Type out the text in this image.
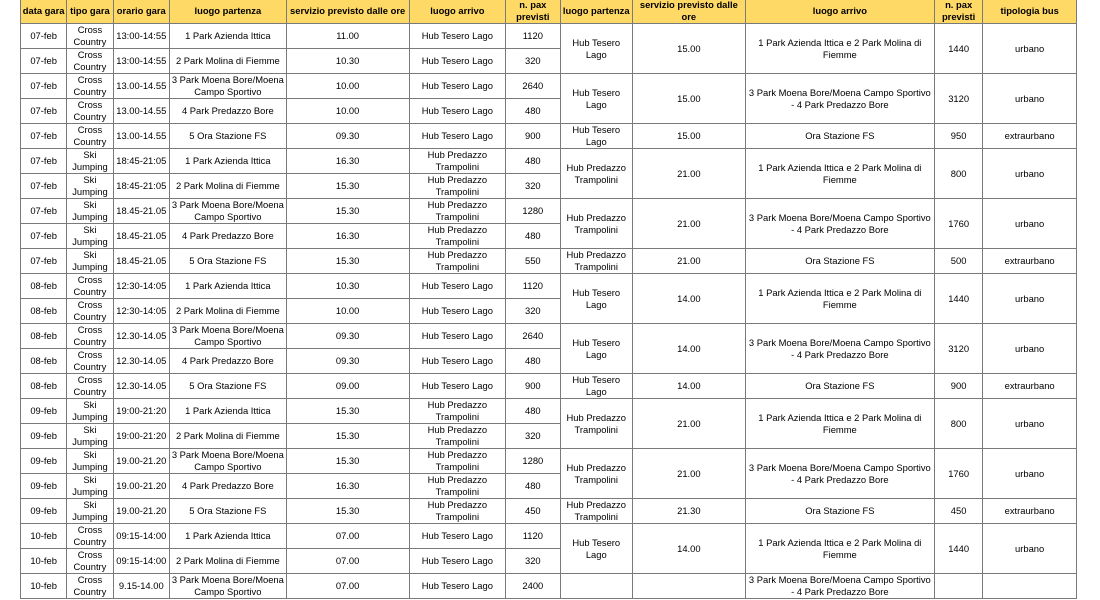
data gara	tipo gara	orario gara	luogo partenza	servizio previsto dalle ore	luogo arrivo	n. pax previsti	luogo partenza	servizio previsto dalle ore	luogo arrivo	n. pax previsti	tipologia bus
07-feb	Cross Country	13:00-14:55	1 Park Azienda Ittica	11.00	Hub Tesero Lago	1120	Hub Tesero Lago	15.00	1 Park Azienda Ittica e 2 Park Molina di Fiemme	1440	urbano
07-feb	Cross Country	13:00-14:55	2 Park Molina di Fiemme	10.30	Hub Tesero Lago	320					
07-feb	Cross Country	13.00-14.55	3 Park Moena Bore/Moena Campo Sportivo	10.00	Hub Tesero Lago	2640	Hub Tesero Lago	15.00	3 Park Moena Bore/Moena Campo Sportivo - 4 Park Predazzo Bore	3120	urbano
07-feb	Cross Country	13.00-14.55	4 Park Predazzo Bore	10.00	Hub Tesero Lago	480					
07-feb	Cross Country	13.00-14.55	5 Ora Stazione FS	09.30	Hub Tesero Lago	900	Hub Tesero Lago	15.00	Ora Stazione FS	950	extraurbano
07-feb	Ski Jumping	18:45-21:05	1 Park Azienda Ittica	16.30	Hub Predazzo Trampolini	480	Hub Predazzo Trampolini	21.00	1 Park Azienda Ittica e 2 Park Molina di Fiemme	800	urbano
07-feb	Ski Jumping	18:45-21:05	2 Park Molina di Fiemme	15.30	Hub Predazzo Trampolini	320					
07-feb	Ski Jumping	18.45-21.05	3 Park Moena Bore/Moena Campo Sportivo	15.30	Hub Predazzo Trampolini	1280	Hub Predazzo Trampolini	21.00	3 Park Moena Bore/Moena Campo Sportivo - 4 Park Predazzo Bore	1760	urbano
07-feb	Ski Jumping	18.45-21.05	4 Park Predazzo Bore	16.30	Hub Predazzo Trampolini	480					
07-feb	Ski Jumping	18.45-21.05	5 Ora Stazione FS	15.30	Hub Predazzo Trampolini	550	Hub Predazzo Trampolini	21.00	Ora Stazione FS	500	extraurbano
08-feb	Cross Country	12:30-14:05	1 Park Azienda Ittica	10.30	Hub Tesero Lago	1120	Hub Tesero Lago	14.00	1 Park Azienda Ittica e 2 Park Molina di Fiemme	1440	urbano
08-feb	Cross Country	12:30-14:05	2 Park Molina di Fiemme	10.00	Hub Tesero Lago	320					
08-feb	Cross Country	12.30-14.05	3 Park Moena Bore/Moena Campo Sportivo	09.30	Hub Tesero Lago	2640	Hub Tesero Lago	14.00	3 Park Moena Bore/Moena Campo Sportivo - 4 Park Predazzo Bore	3120	urbano
08-feb	Cross Country	12.30-14.05	4 Park Predazzo Bore	09.30	Hub Tesero Lago	480					
08-feb	Cross Country	12.30-14.05	5 Ora Stazione FS	09.00	Hub Tesero Lago	900	Hub Tesero Lago	14.00	Ora Stazione FS	900	extraurbano
09-feb	Ski Jumping	19:00-21:20	1 Park Azienda Ittica	15.30	Hub Predazzo Trampolini	480	Hub Predazzo Trampolini	21.00	1 Park Azienda Ittica e 2 Park Molina di Fiemme	800	urbano
09-feb	Ski Jumping	19:00-21:20	2 Park Molina di Fiemme	15.30	Hub Predazzo Trampolini	320					
09-feb	Ski Jumping	19.00-21.20	3 Park Moena Bore/Moena Campo Sportivo	15.30	Hub Predazzo Trampolini	1280	Hub Predazzo Trampolini	21.00	3 Park Moena Bore/Moena Campo Sportivo - 4 Park Predazzo Bore	1760	urbano
09-feb	Ski Jumping	19.00-21.20	4 Park Predazzo Bore	16.30	Hub Predazzo Trampolini	480					
09-feb	Ski Jumping	19.00-21.20	5 Ora Stazione FS	15.30	Hub Predazzo Trampolini	450	Hub Predazzo Trampolini	21.30	Ora Stazione FS	450	extraurbano
10-feb	Cross Country	09:15-14:00	1 Park Azienda Ittica	07.00	Hub Tesero Lago	1120	Hub Tesero Lago	14.00	1 Park Azienda Ittica e 2 Park Molina di Fiemme	1440	urbano
10-feb	Cross Country	09:15-14:00	2 Park Molina di Fiemme	07.00	Hub Tesero Lago	320					
10-feb	Cross Country	9.15-14.00	3 Park Moena Bore/Moena Campo Sportivo	07.00	Hub Tesero Lago	2400			3 Park Moena Bore/Moena Campo Sportivo - 4 Park Predazzo Bore		
